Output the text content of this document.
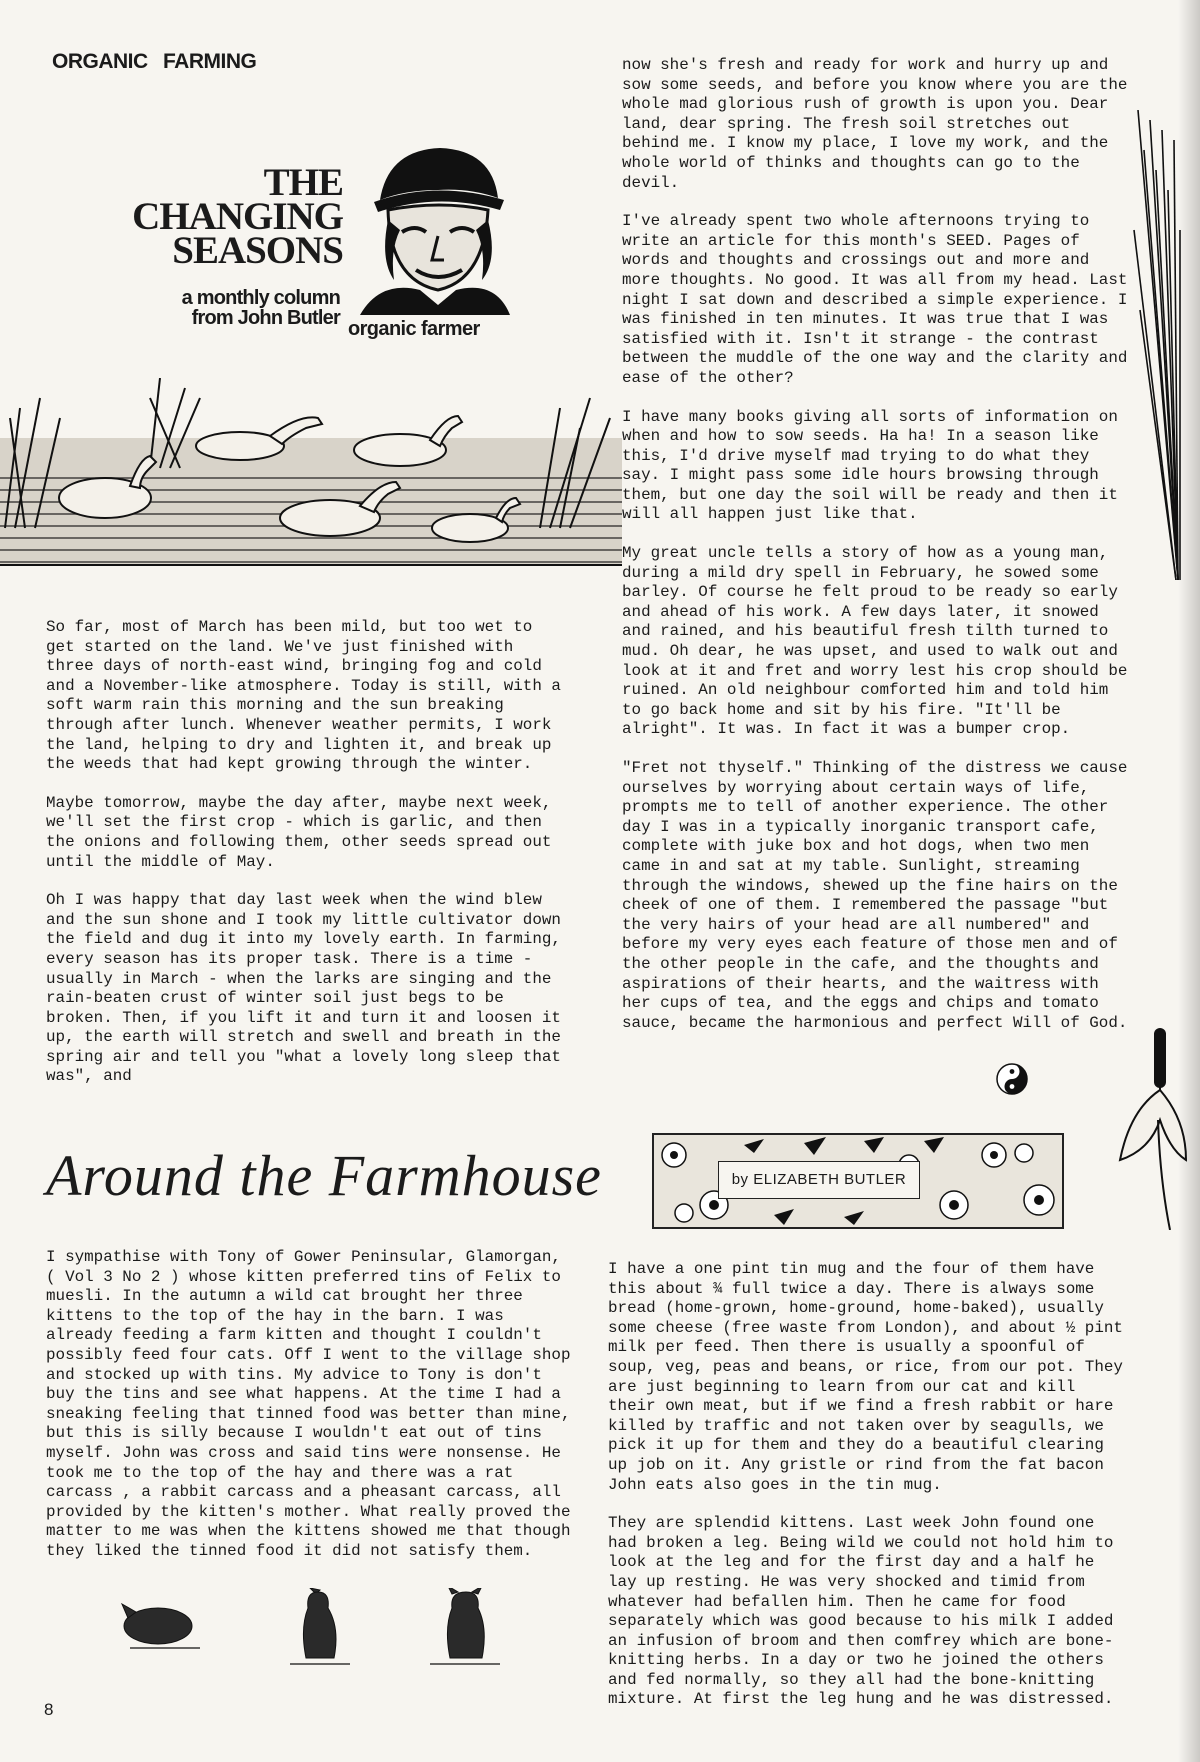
ORGANIC FARMING
THE
CHANGING
SEASONS
a monthly column
from John Butler organic farmer

So far, most of March has been mild, but too wet to get started on the land. We've just finished with three days of north-east wind, bringing fog and cold and a November-like atmosphere. Today is still, with a soft warm rain this morning and the sun breaking through after lunch. Whenever weather permits, I work the land, helping to dry and lighten it, and break up the weeds that had kept growing through the winter.

Maybe tomorrow, maybe the day after, maybe next week, we'll set the first crop - which is garlic, and then the onions and following them, other seeds spread out until the middle of May.

Oh I was happy that day last week when the wind blew and the sun shone and I took my little cultivator down the field and dug it into my lovely earth. In farming, every season has its proper task. There is a time - usually in March - when the larks are singing and the rain-beaten crust of winter soil just begs to be broken. Then, if you lift it and turn it and loosen it up, the earth will stretch and swell and breath in the spring air and tell you "what a lovely long sleep that was", and

now she's fresh and ready for work and hurry up and sow some seeds, and before you know where you are the whole mad glorious rush of growth is upon you. Dear land, dear spring. The fresh soil stretches out behind me. I know my place, I love my work, and the whole world of thinks and thoughts can go to the devil.

I've already spent two whole afternoons trying to write an article for this month's SEED. Pages of words and thoughts and crossings out and more and more thoughts. No good. It was all from my head. Last night I sat down and described a simple experience. I was finished in ten minutes. It was true that I was satisfied with it. Isn't it strange - the contrast between the muddle of the one way and the clarity and ease of the other?

I have many books giving all sorts of information on when and how to sow seeds. Ha ha! In a season like this, I'd drive myself mad trying to do what they say. I might pass some idle hours browsing through them, but one day the soil will be ready and then it will all happen just like that.

My great uncle tells a story of how as a young man, during a mild dry spell in February, he sowed some barley. Of course he felt proud to be ready so early and ahead of his work. A few days later, it snowed and rained, and his beautiful fresh tilth turned to mud. Oh dear, he was upset, and used to walk out and look at it and fret and worry lest his crop should be ruined. An old neighbour comforted him and told him to go back home and sit by his fire. "It'll be alright". It was. In fact it was a bumper crop.

"Fret not thyself." Thinking of the distress we cause ourselves by worrying about certain ways of life, prompts me to tell of another experience. The other day I was in a typically inorganic transport cafe, complete with juke box and hot dogs, when two men came in and sat at my table. Sunlight, streaming through the windows, shewed up the fine hairs on the cheek of one of them. I remembered the passage "but the very hairs of your head are all numbered" and before my very eyes each feature of those men and of the other people in the cafe, and the thoughts and aspirations of their hearts, and the waitress with her cups of tea, and the eggs and chips and tomato sauce, became the harmonious and perfect Will of God.

Around the Farmhouse	by ELIZABETH BUTLER

I sympathise with Tony of Gower Peninsular, Glamorgan, ( Vol 3 No 2 ) whose kitten preferred tins of Felix to muesli. In the autumn a wild cat brought her three kittens to the top of the hay in the barn. I was already feeding a farm kitten and thought I couldn't possibly feed four cats. Off I went to the village shop and stocked up with tins. My advice to Tony is don't buy the tins and see what happens. At the time I had a sneaking feeling that tinned food was better than mine, but this is silly because I wouldn't eat out of tins myself. John was cross and said tins were nonsense. He took me to the top of the hay and there was a rat carcass , a rabbit carcass and a pheasant carcass, all provided by the kitten's mother. What really proved the matter to me was when the kittens showed me that though they liked the tinned food it did not satisfy them.

I have a one pint tin mug and the four of them have this about ¾ full twice a day. There is always some bread (home-grown, home-ground, home-baked), usually some cheese (free waste from London), and about ½ pint milk per feed. Then there is usually a spoonful of soup, veg, peas and beans, or rice, from our pot. They are just beginning to learn from our cat and kill their own meat, but if we find a fresh rabbit or hare killed by traffic and not taken over by seagulls, we pick it up for them and they do a beautiful clearing up job on it. Any gristle or rind from the fat bacon John eats also goes in the tin mug.

They are splendid kittens. Last week John found one had broken a leg. Being wild we could not hold him to look at the leg and for the first day and a half he lay up resting. He was very shocked and timid from whatever had befallen him. Then he came for food separately which was good because to his milk I added an infusion of broom and then comfrey which are bone-knitting herbs. In a day or two he joined the others and fed normally, so they all had the bone-knitting mixture. At first the leg hung and he was distressed.

8
